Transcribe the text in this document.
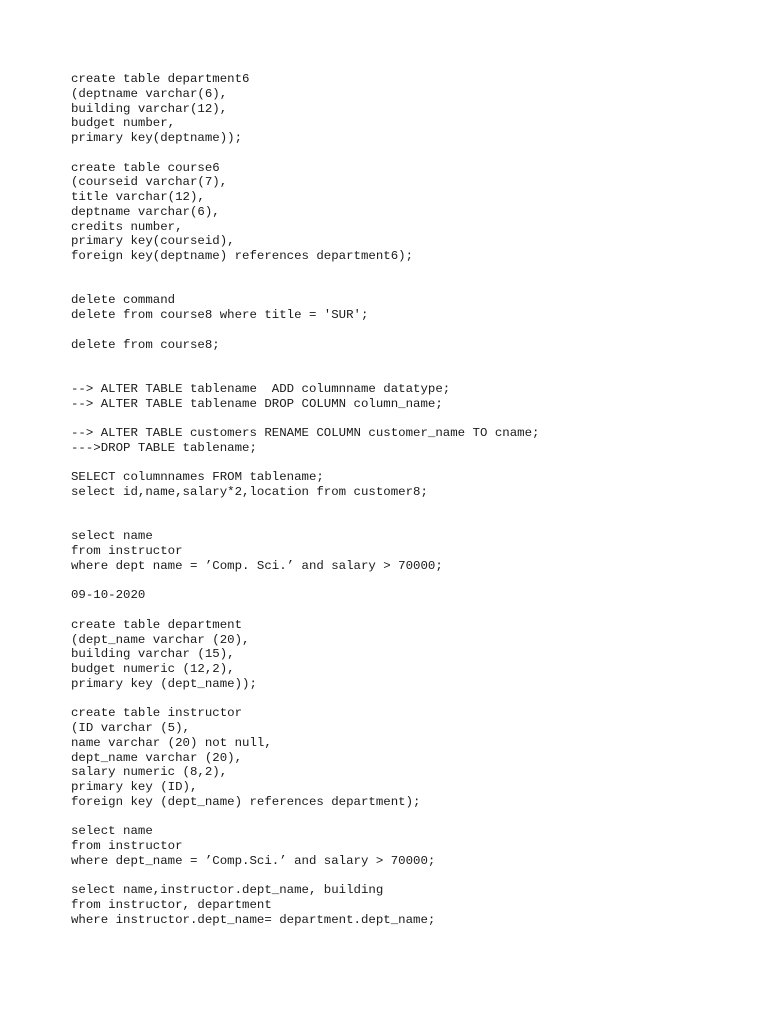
create table department6
(deptname varchar(6),
building varchar(12),
budget number,
primary key(deptname));
create table course6
(courseid varchar(7),
title varchar(12),
deptname varchar(6),
credits number,
primary key(courseid),
foreign key(deptname) references department6);
delete command
delete from course8 where title = 'SUR';
delete from course8;
--> ALTER TABLE tablename  ADD columnname datatype;
--> ALTER TABLE tablename DROP COLUMN column_name;
--> ALTER TABLE customers RENAME COLUMN customer_name TO cname;
--->DROP TABLE tablename;
SELECT columnnames FROM tablename;
select id,name,salary*2,location from customer8;
select name
from instructor
where dept name = ’Comp. Sci.’ and salary > 70000;
09-10-2020
create table department
(dept_name varchar (20),
building varchar (15),
budget numeric (12,2),
primary key (dept_name));
create table instructor
(ID varchar (5),
name varchar (20) not null,
dept_name varchar (20),
salary numeric (8,2),
primary key (ID),
foreign key (dept_name) references department);
select name
from instructor
where dept_name = ’Comp.Sci.’ and salary > 70000;
select name,instructor.dept_name, building
from instructor, department
where instructor.dept_name= department.dept_name;
